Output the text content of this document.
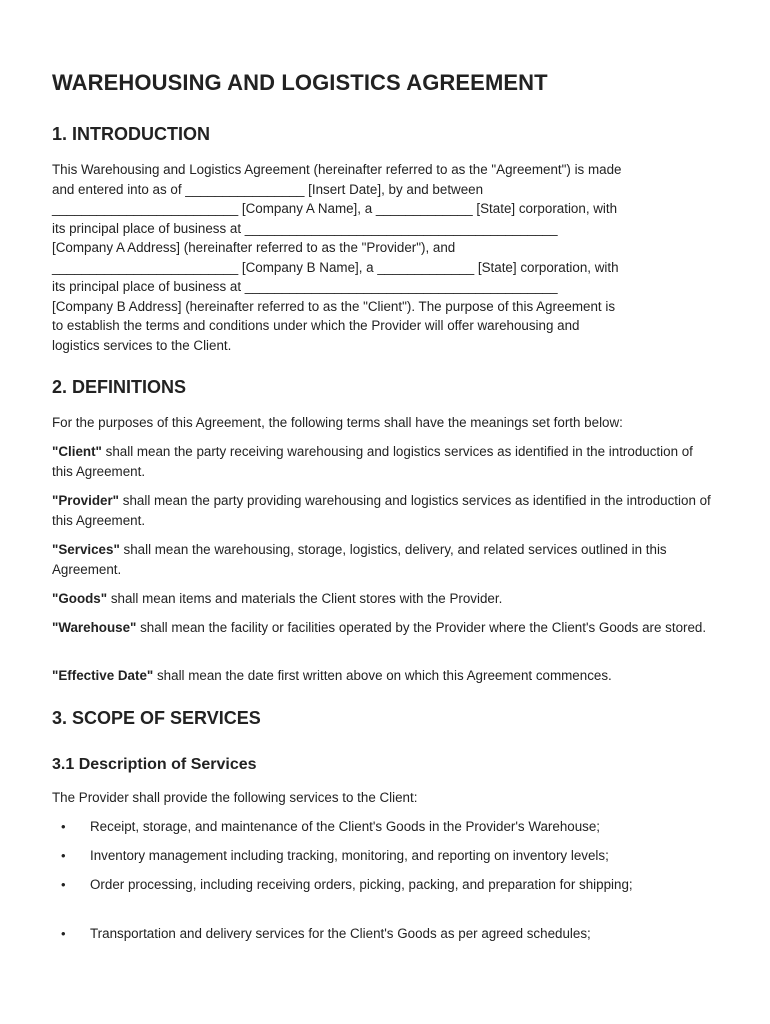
WAREHOUSING AND LOGISTICS AGREEMENT
1. INTRODUCTION
This Warehousing and Logistics Agreement (hereinafter referred to as the "Agreement") is made
and entered into as of ________________ [Insert Date], by and between
_________________________ [Company A Name], a _____________ [State] corporation, with
its principal place of business at __________________________________________
[Company A Address] (hereinafter referred to as the "Provider"), and
_________________________ [Company B Name], a _____________ [State] corporation, with
its principal place of business at __________________________________________
[Company B Address] (hereinafter referred to as the "Client"). The purpose of this Agreement is
to establish the terms and conditions under which the Provider will offer warehousing and
logistics services to the Client.
2. DEFINITIONS

For the purposes of this Agreement, the following terms shall have the meanings set forth below:

"Client" shall mean the party receiving warehousing and logistics services as identified in the introduction of this Agreement.

"Provider" shall mean the party providing warehousing and logistics services as identified in the introduction of this Agreement.

"Services" shall mean the warehousing, storage, logistics, delivery, and related services outlined in this Agreement.

"Goods" shall mean items and materials the Client stores with the Provider.

"Warehouse" shall mean the facility or facilities operated by the Provider where the Client's Goods are stored.

"Effective Date" shall mean the date first written above on which this Agreement commences.

3. SCOPE OF SERVICES
3.1 Description of Services

The Provider shall provide the following services to the Client:

• Receipt, storage, and maintenance of the Client's Goods in the Provider's Warehouse;
• Inventory management including tracking, monitoring, and reporting on inventory levels;
• Order processing, including receiving orders, picking, packing, and preparation for shipping;
• Transportation and delivery services for the Client's Goods as per agreed schedules;
